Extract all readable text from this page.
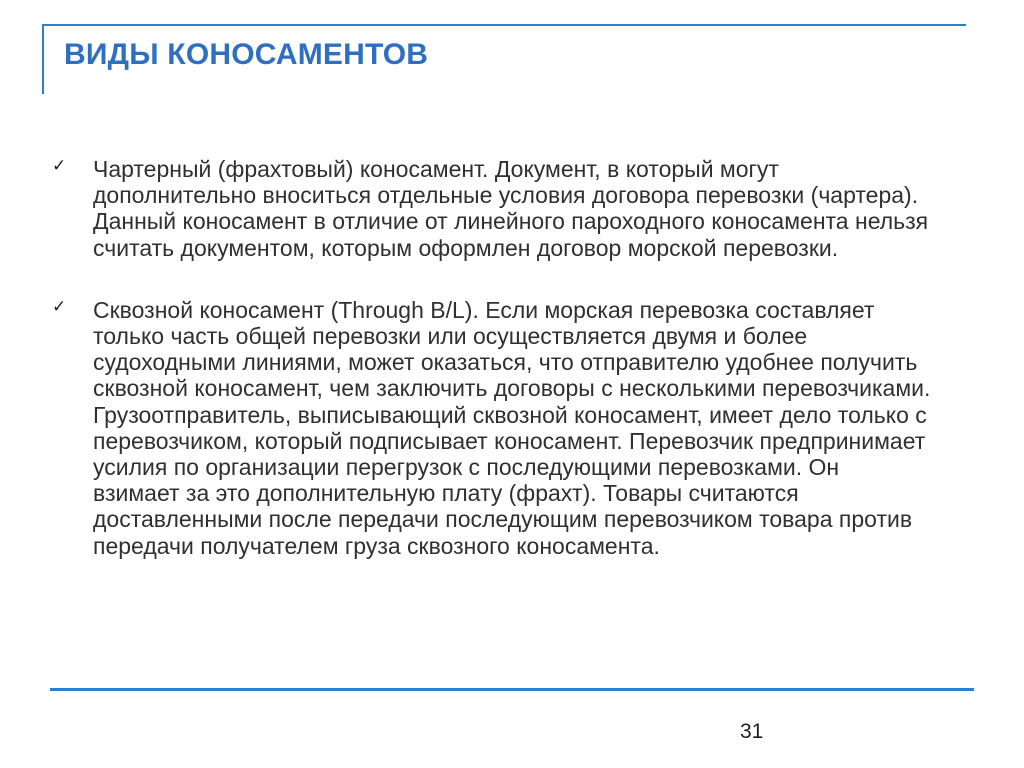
ВИДЫ КОНОСАМЕНТОВ
✓ Чартерный (фрахтовый) коносамент. Документ, в который могут дополнительно вноситься отдельные условия договора перевозки (чартера). Данный коносамент в отличие от линейного пароходного коносамента нельзя считать документом, которым оформлен договор морской перевозки.
✓ Сквозной коносамент (Through B/L). Если морская перевозка составляет только часть общей перевозки или осуществляется двумя и более судоходными линиями, может оказаться, что отправителю удобнее получить сквозной коносамент, чем заключить договоры с несколькими перевозчиками. Грузоотправитель, выписывающий сквозной коносамент, имеет дело только с перевозчиком, который подписывает коносамент. Перевозчик предпринимает усилия по организации перегрузок с последующими перевозками. Он взимает за это дополнительную плату (фрахт). Товары считаются доставленными после передачи последующим перевозчиком товара против передачи получателем груза сквозного коносамента.
31
